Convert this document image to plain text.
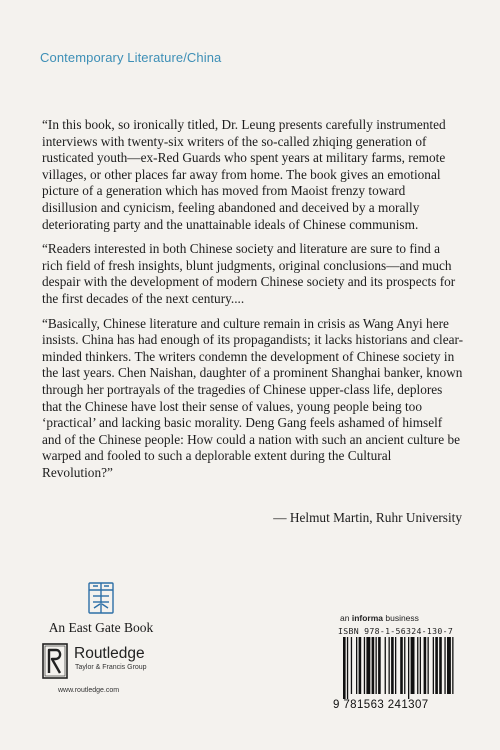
Contemporary Literature/China

“In this book, so ironically titled, Dr. Leung presents carefully instrumented interviews with twenty-six writers of the so-called zhiqing generation of rusticated youth—ex-Red Guards who spent years at military farms, remote villages, or other places far away from home. The book gives an emotional picture of a generation which has moved from Maoist frenzy toward disillusion and cynicism, feeling abandoned and deceived by a morally deteriorating party and the unattainable ideals of Chinese communism.

“Readers interested in both Chinese society and literature are sure to find a rich field of fresh insights, blunt judgments, original conclusions—and much despair with the development of modern Chinese society and its prospects for the first decades of the next century....

“Basically, Chinese literature and culture remain in crisis as Wang Anyi here insists. China has had enough of its propagandists; it lacks historians and clear-minded thinkers. The writers condemn the development of Chinese society in the last years. Chen Naishan, daughter of a prominent Shanghai banker, known through her portrayals of the tragedies of Chinese upper-class life, deplores that the Chinese have lost their sense of values, young people being too ‘practical’ and lacking basic morality. Deng Gang feels ashamed of himself and of the Chinese people: How could a nation with such an ancient culture be warped and fooled to such a deplorable extent during the Cultural Revolution?”

— Helmut Martin, Ruhr University
An East Gate Book
Routledge
Taylor & Francis Group
www.routledge.com
an informa business
ISBN 978-1-56324-130-7
9 781563 241307
